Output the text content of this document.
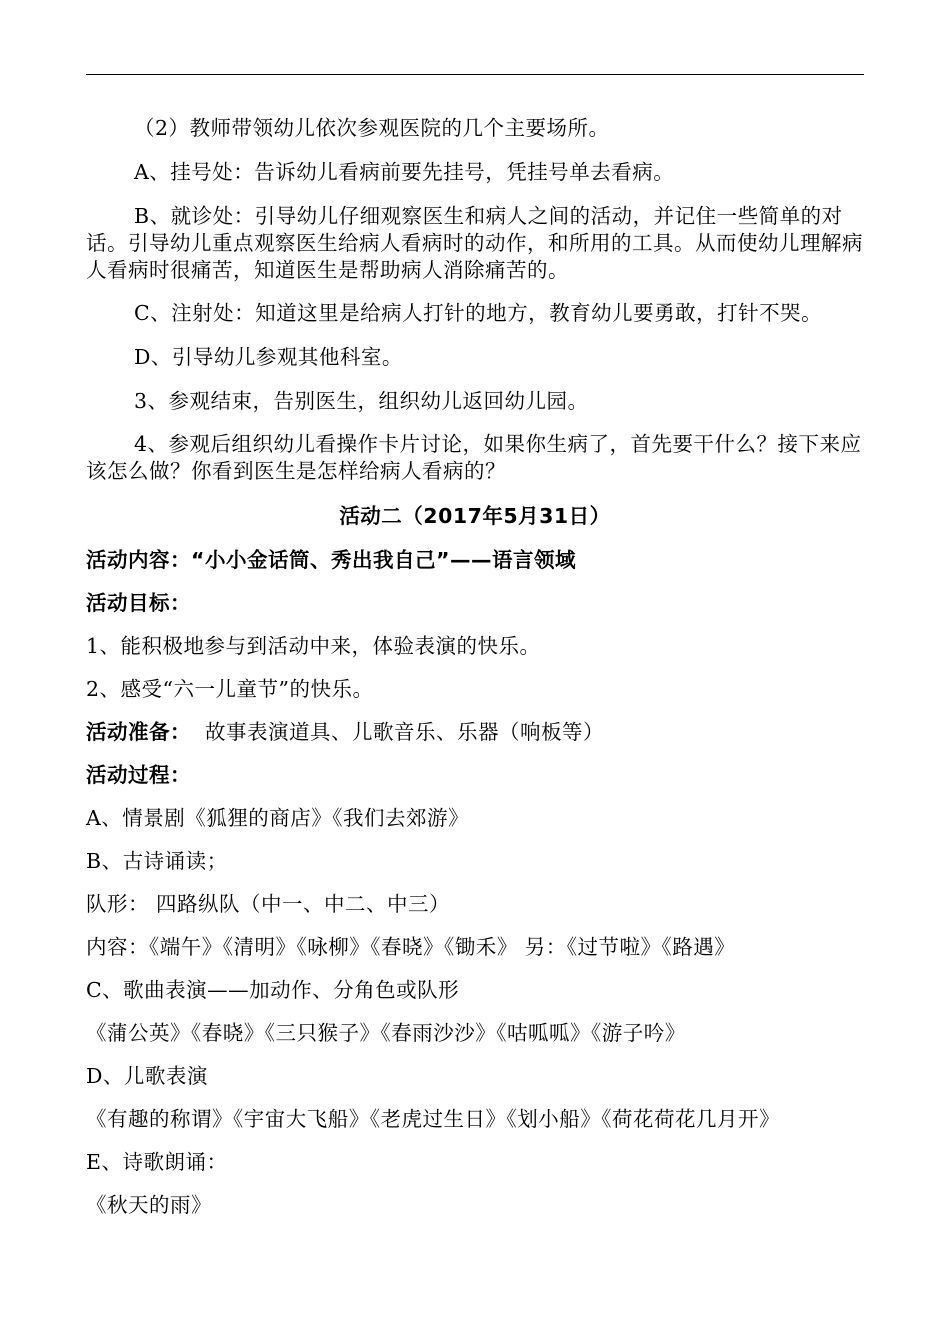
（2）教师带领幼儿依次参观医院的几个主要场所。
A、挂号处：告诉幼儿看病前要先挂号，凭挂号单去看病。
B、就诊处：引导幼儿仔细观察医生和病人之间的活动，并记住一些简单的对话。引导幼儿重点观察医生给病人看病时的动作，和所用的工具。从而使幼儿理解病人看病时很痛苦，知道医生是帮助病人消除痛苦的。
C、注射处：知道这里是给病人打针的地方，教育幼儿要勇敢，打针不哭。
D、引导幼儿参观其他科室。
3、参观结束，告别医生，组织幼儿返回幼儿园。
4、参观后组织幼儿看操作卡片讨论，如果你生病了，首先要干什么？接下来应该怎么做？你看到医生是怎样给病人看病的？
活动二（2017年5月31日）
活动内容：“小小金话筒、秀出我自己”——语言领域
活动目标：
1、能积极地参与到活动中来，体验表演的快乐。
2、感受“六一儿童节”的快乐。
活动准备： 故事表演道具、儿歌音乐、乐器（响板等）
活动过程：
A、情景剧《狐狸的商店》《我们去郊游》
B、古诗诵读；
队形： 四路纵队（中一、中二、中三）
内容：《端午》《清明》《咏柳》《春晓》《锄禾》 另：《过节啦》《路遇》
C、歌曲表演——加动作、分角色或队形
《蒲公英》《春晓》《三只猴子》《春雨沙沙》《咕呱呱》《游子吟》
D、儿歌表演
《有趣的称谓》《宇宙大飞船》《老虎过生日》《划小船》《荷花荷花几月开》
E、诗歌朗诵：
《秋天的雨》
